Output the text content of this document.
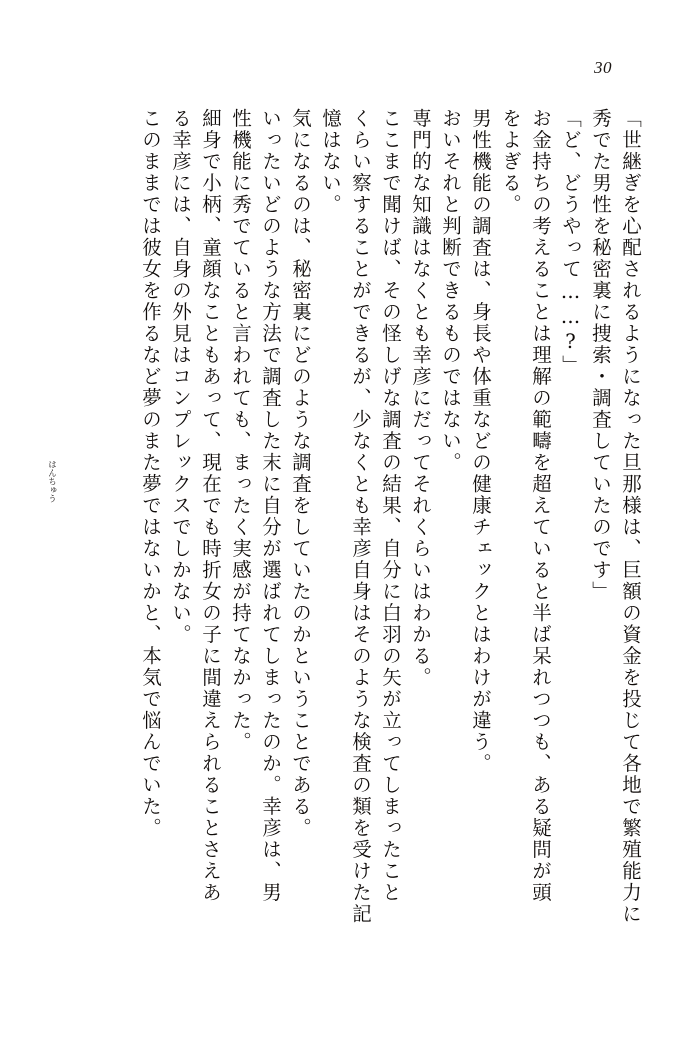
30
「世継ぎを心配されるようになった旦那様は、巨額の資金を投じて各地で繁殖能力に
秀でた男性を秘密裏に捜索・調査していたのです」
「ど、どうやって……?」
お金持ちの考えることは理解の範疇を超えていると半ば呆れつつも、ある疑問が頭
はんちゅう
をよぎる。
男性機能の調査は、身長や体重などの健康チェックとはわけが違う。
おいそれと判断できるものではない。
専門的な知識はなくとも幸彦にだってそれくらいはわかる。
ここまで聞けば、その怪しげな調査の結果、自分に白羽の矢が立ってしまったこと
くらい察することができるが、少なくとも幸彦自身はそのような検査の類を受けた記
憶はない。
気になるのは、秘密裏にどのような調査をしていたのかということである。
いったいどのような方法で調査した末に自分が選ばれてしまったのか。幸彦は、男
性機能に秀でていると言われても、まったく実感が持てなかった。
細身で小柄、童顔なこともあって、現在でも時折女の子に間違えられることさえあ
る幸彦には、自身の外見はコンプレックスでしかない。
このままでは彼女を作るなど夢のまた夢ではないかと、本気で悩んでいた。
